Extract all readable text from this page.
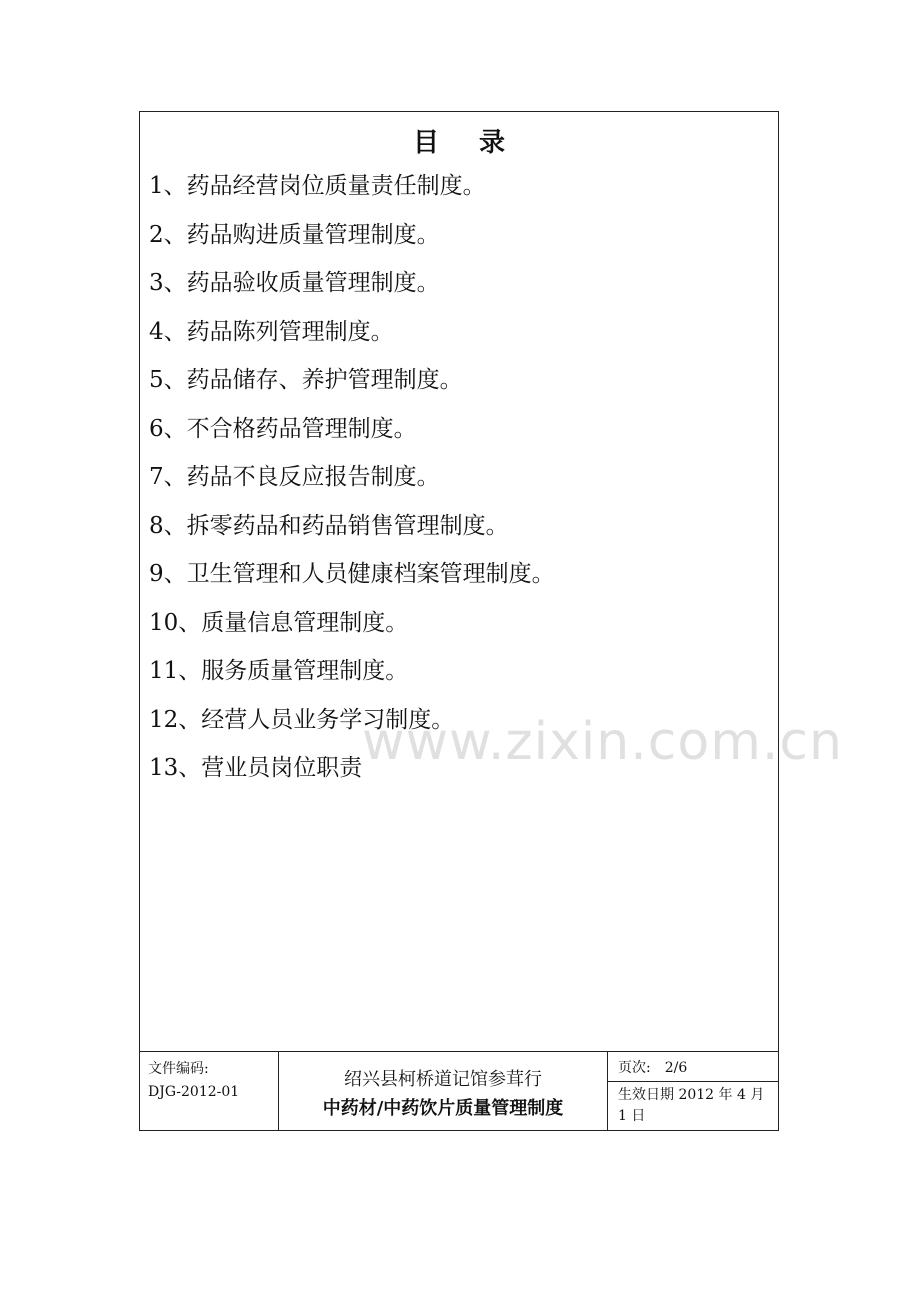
目 录
1、药品经营岗位质量责任制度。
2、药品购进质量管理制度。
3、药品验收质量管理制度。
4、药品陈列管理制度。
5、药品储存、养护管理制度。
6、不合格药品管理制度。
7、药品不良反应报告制度。
8、拆零药品和药品销售管理制度。
9、卫生管理和人员健康档案管理制度。
10、质量信息管理制度。
11、服务质量管理制度。
12、经营人员业务学习制度。
13、营业员岗位职责 www.zixin.com.cn
文件编码:
DJG-2012-01
绍兴县柯桥道记馆参茸行
中药材/中药饮片质量管理制度
页次: 2/6
生效日期 2012 年 4 月 1 日
